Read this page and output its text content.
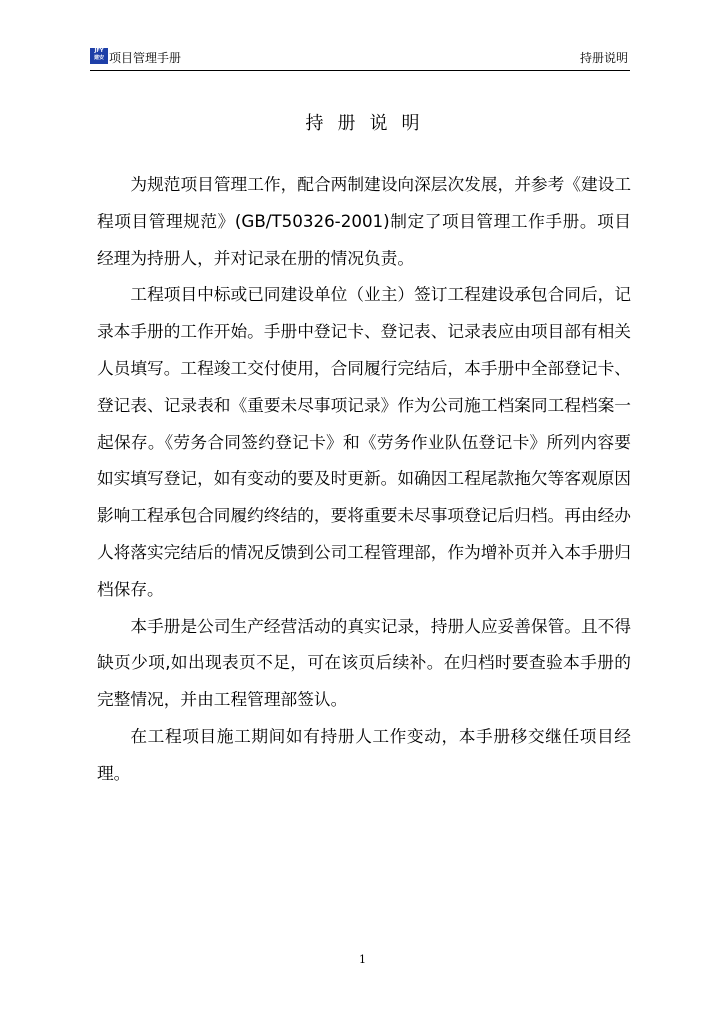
JFY
建安 项目管理手册	持册说明
持册说明

为规范项目管理工作，配合两制建设向深层次发展，并参考《建设工程项目管理规范》(GB/T50326-2001)制定了项目管理工作手册。项目经理为持册人，并对记录在册的情况负责。

工程项目中标或已同建设单位（业主）签订工程建设承包合同后，记录本手册的工作开始。手册中登记卡、登记表、记录表应由项目部有相关人员填写。工程竣工交付使用，合同履行完结后，本手册中全部登记卡、登记表、记录表和《重要未尽事项记录》作为公司施工档案同工程档案一起保存。《劳务合同签约登记卡》和《劳务作业队伍登记卡》所列内容要如实填写登记，如有变动的要及时更新。如确因工程尾款拖欠等客观原因影响工程承包合同履约终结的，要将重要未尽事项登记后归档。再由经办人将落实完结后的情况反馈到公司工程管理部，作为增补页并入本手册归档保存。

本手册是公司生产经营活动的真实记录，持册人应妥善保管。且不得缺页少项,如出现表页不足，可在该页后续补。在归档时要查验本手册的完整情况，并由工程管理部签认。

在工程项目施工期间如有持册人工作变动，本手册移交继任项目经理。

1
